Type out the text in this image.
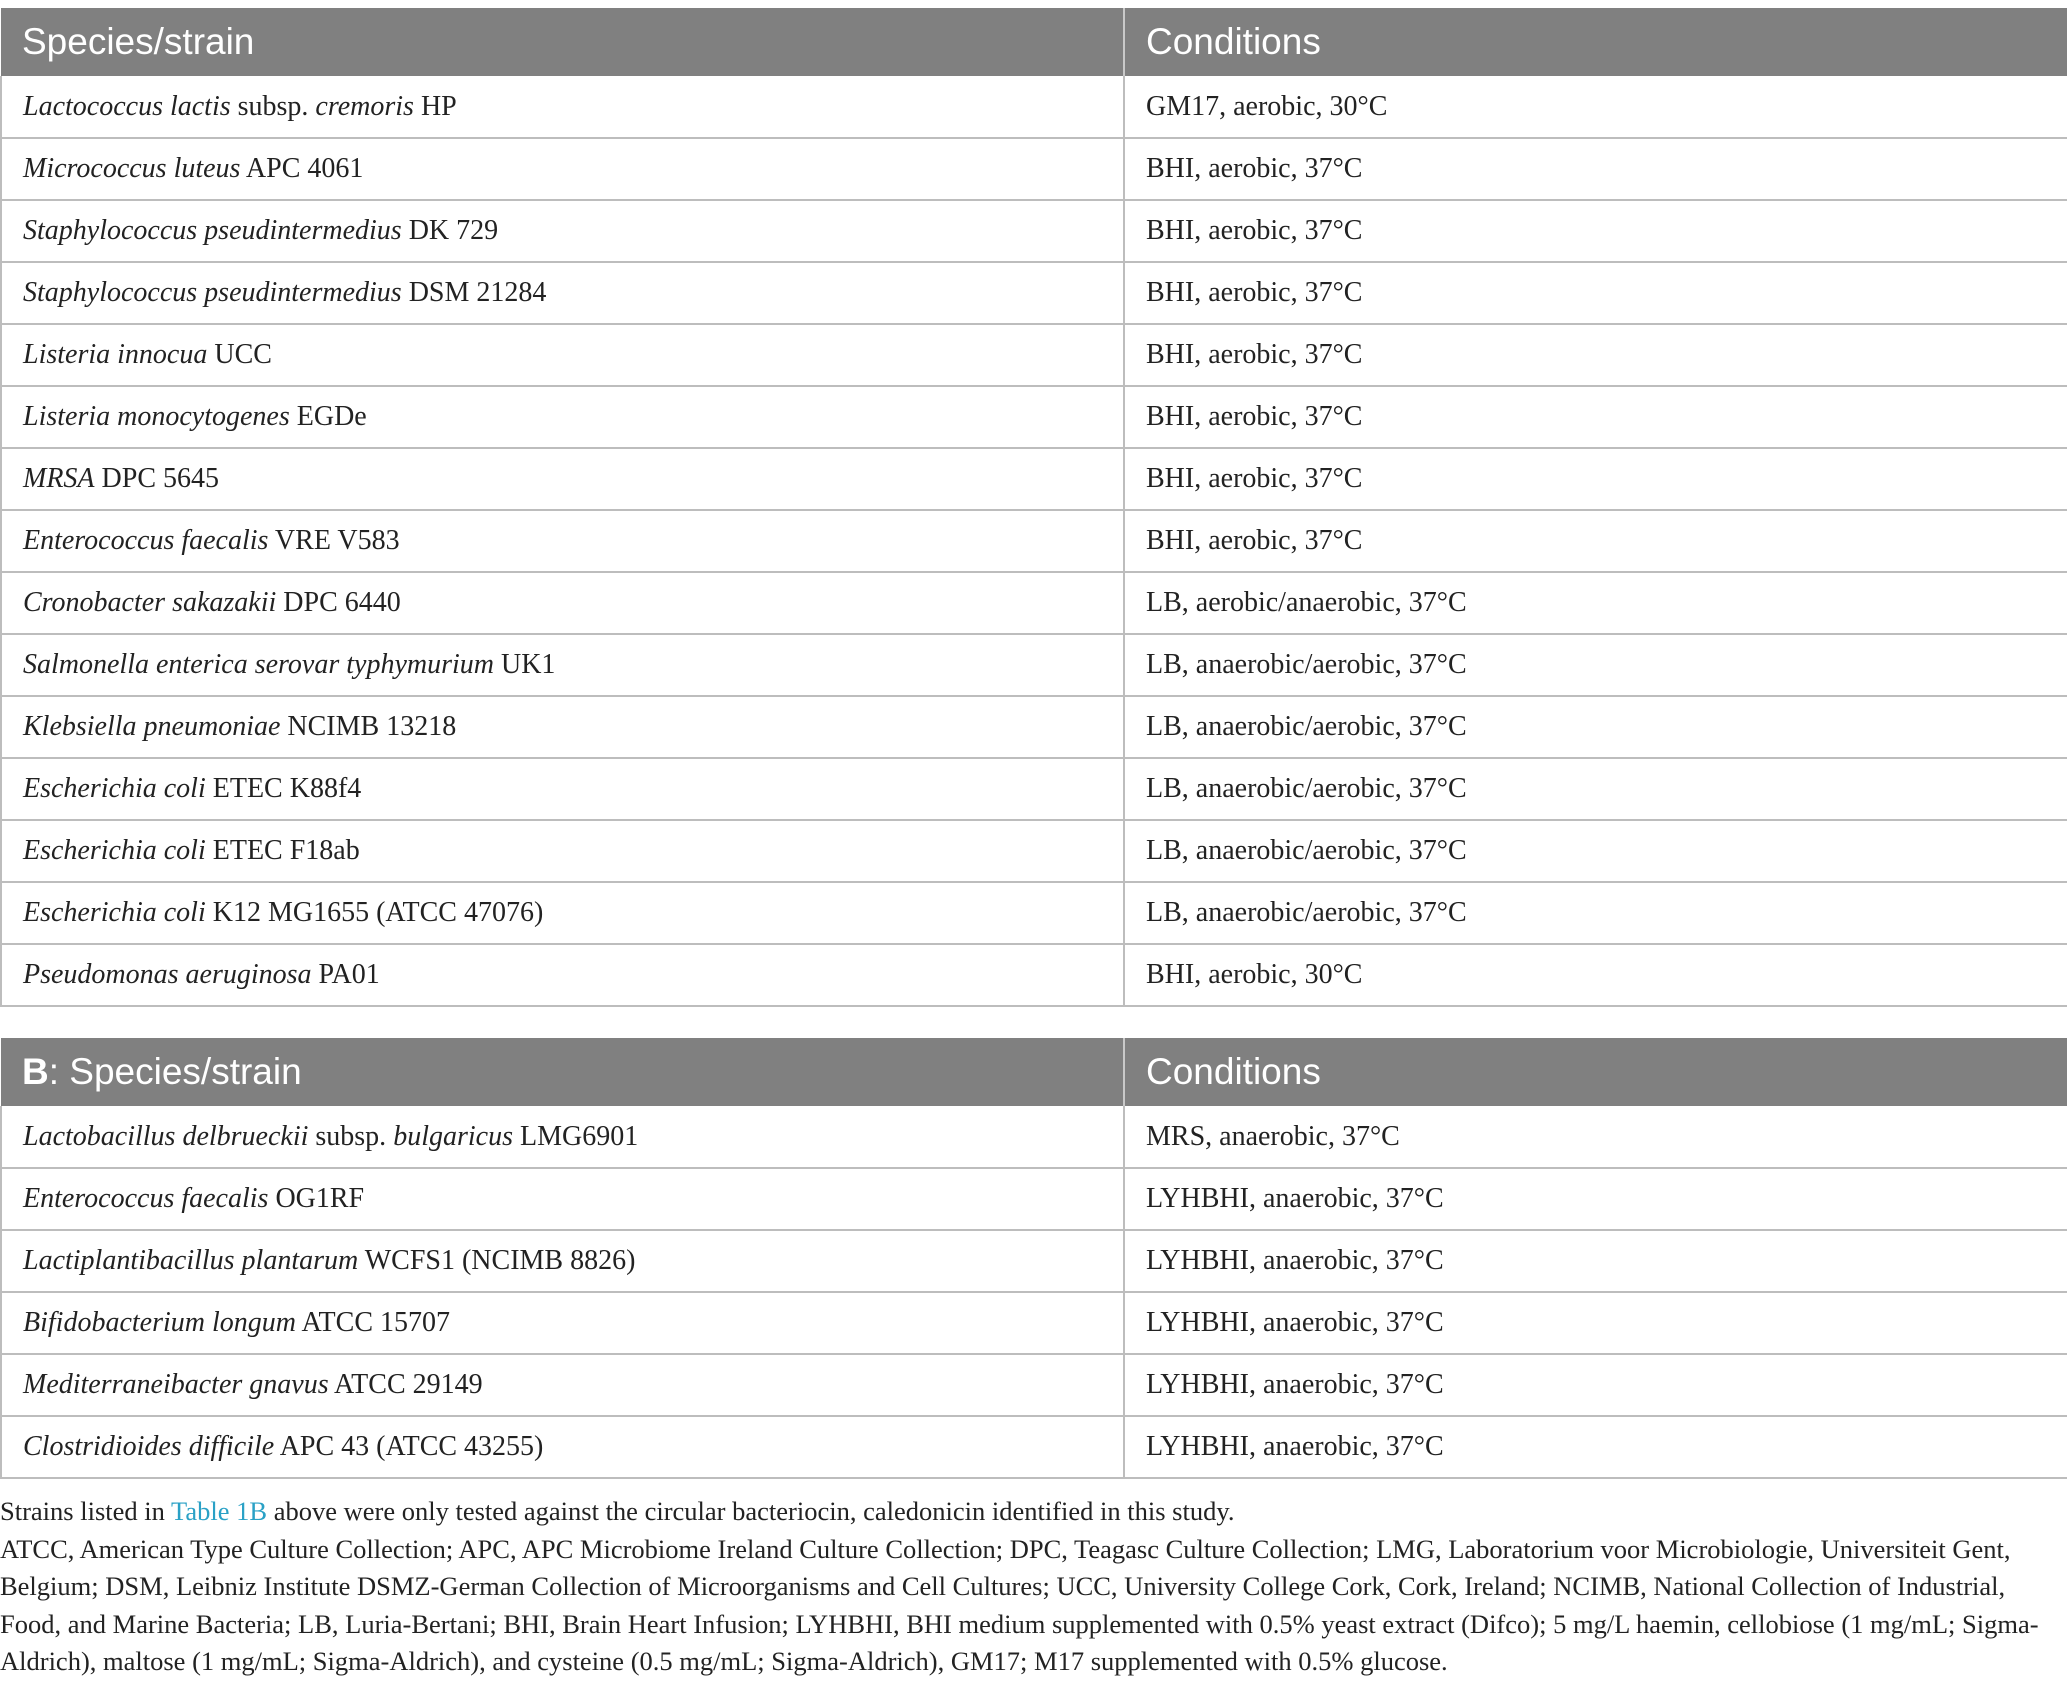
Species/strain	Conditions
Lactococcus lactis subsp. cremoris HP	GM17, aerobic, 30°C
Micrococcus luteus APC 4061	BHI, aerobic, 37°C
Staphylococcus pseudintermedius DK 729	BHI, aerobic, 37°C
Staphylococcus pseudintermedius DSM 21284	BHI, aerobic, 37°C
Listeria innocua UCC	BHI, aerobic, 37°C
Listeria monocytogenes EGDe	BHI, aerobic, 37°C
MRSA DPC 5645	BHI, aerobic, 37°C
Enterococcus faecalis VRE V583	BHI, aerobic, 37°C
Cronobacter sakazakii DPC 6440	LB, aerobic/anaerobic, 37°C
Salmonella enterica serovar typhymurium UK1	LB, anaerobic/aerobic, 37°C
Klebsiella pneumoniae NCIMB 13218	LB, anaerobic/aerobic, 37°C
Escherichia coli ETEC K88f4	LB, anaerobic/aerobic, 37°C
Escherichia coli ETEC F18ab	LB, anaerobic/aerobic, 37°C
Escherichia coli K12 MG1655 (ATCC 47076)	LB, anaerobic/aerobic, 37°C
Pseudomonas aeruginosa PA01	BHI, aerobic, 30°C
B: Species/strain	Conditions
Lactobacillus delbrueckii subsp. bulgaricus LMG6901	MRS, anaerobic, 37°C
Enterococcus faecalis OG1RF	LYHBHI, anaerobic, 37°C
Lactiplantibacillus plantarum WCFS1 (NCIMB 8826)	LYHBHI, anaerobic, 37°C
Bifidobacterium longum ATCC 15707	LYHBHI, anaerobic, 37°C
Mediterraneibacter gnavus ATCC 29149	LYHBHI, anaerobic, 37°C
Clostridioides difficile APC 43 (ATCC 43255)	LYHBHI, anaerobic, 37°C

Strains listed in Table 1B above were only tested against the circular bacteriocin, caledonicin identified in this study.

ATCC, American Type Culture Collection; APC, APC Microbiome Ireland Culture Collection; DPC, Teagasc Culture Collection; LMG, Laboratorium voor Microbiologie, Universiteit Gent, Belgium; DSM, Leibniz Institute DSMZ-German Collection of Microorganisms and Cell Cultures; UCC, University College Cork, Cork, Ireland; NCIMB, National Collection of Industrial, Food, and Marine Bacteria; LB, Luria-Bertani; BHI, Brain Heart Infusion; LYHBHI, BHI medium supplemented with 0.5% yeast extract (Difco); 5 mg/L haemin, cellobiose (1 mg/mL; Sigma-Aldrich), maltose (1 mg/mL; Sigma-Aldrich), and cysteine (0.5 mg/mL; Sigma-Aldrich), GM17; M17 supplemented with 0.5% glucose.
